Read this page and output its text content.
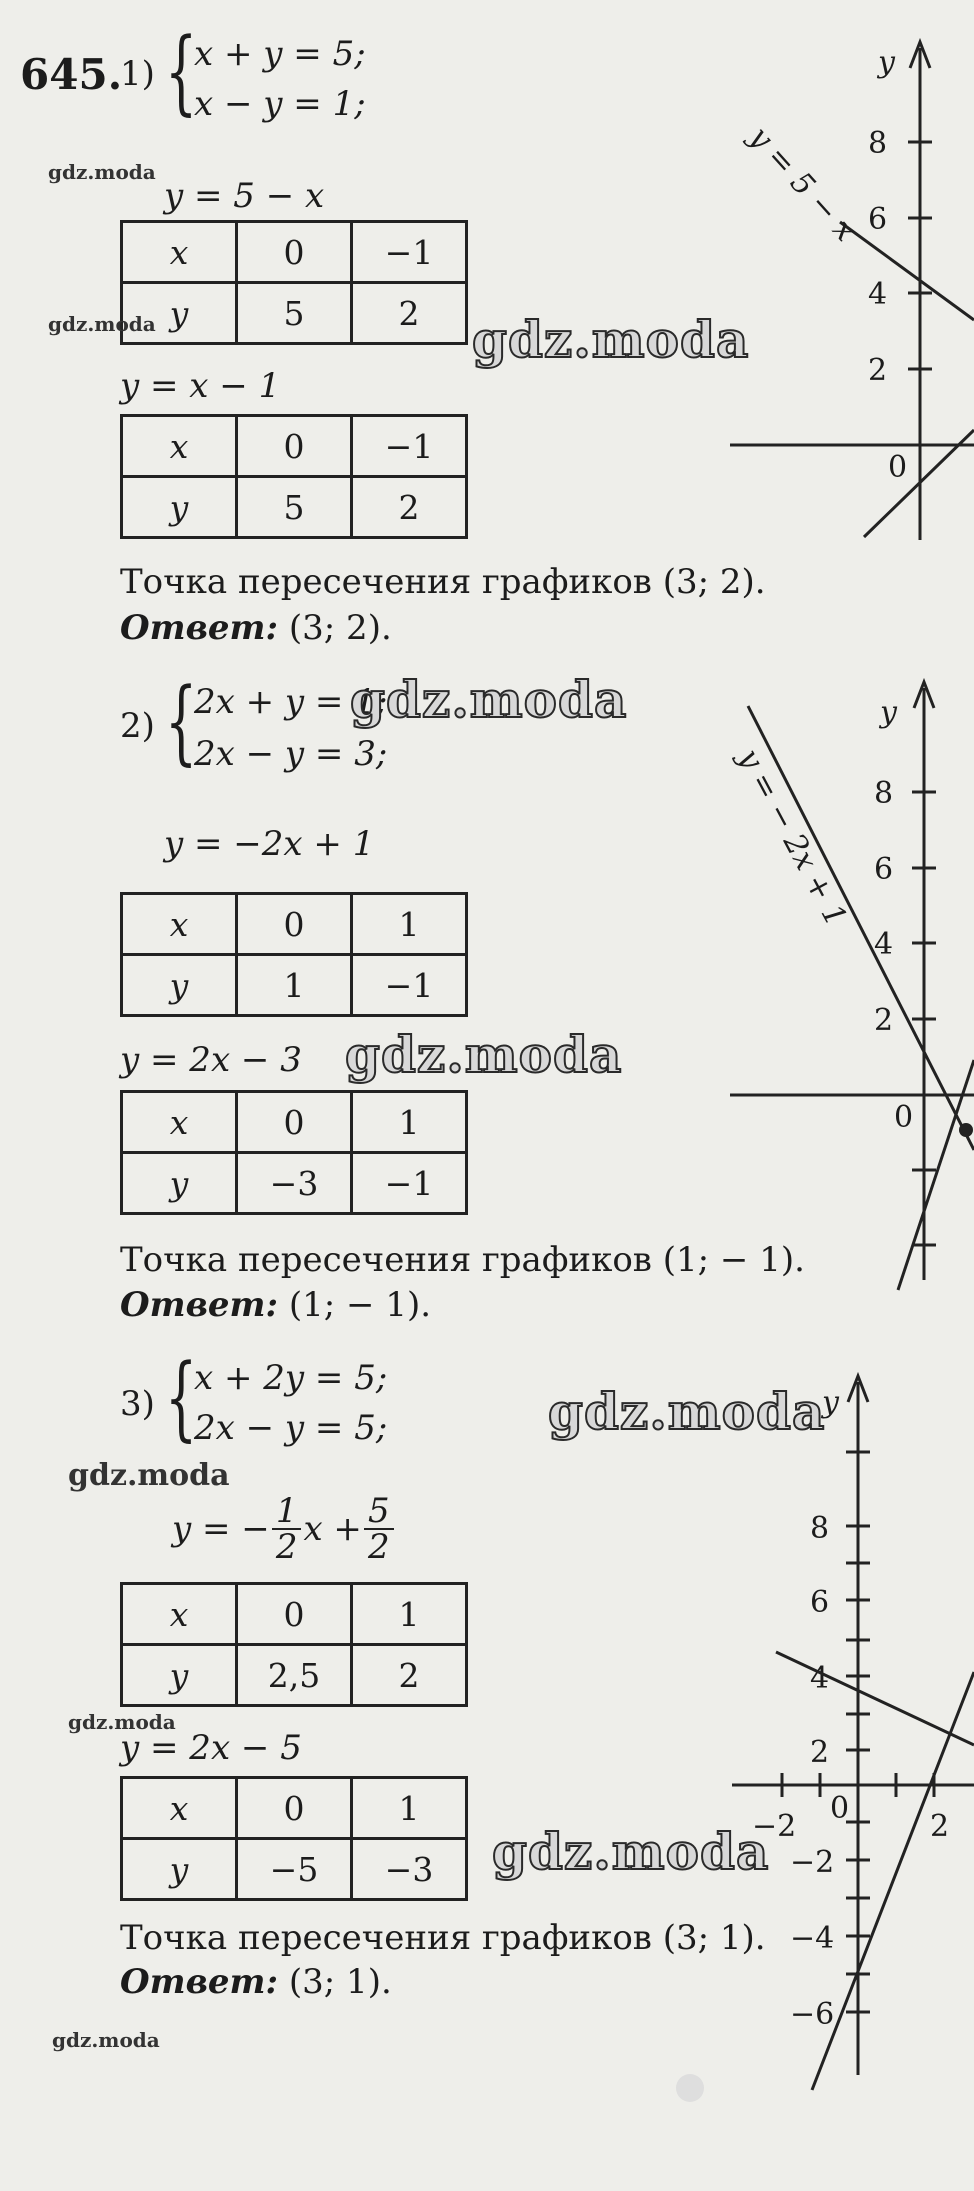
645.
1) {
x + y = 5;
x − y = 1;
gdz.moda
y = 5 − x
x	0	−1
y	5	2
gdz.moda	gdz.moda
y = x − 1
x	0	−1
y	5	2
Точка пересечения графиков (3; 2).
Ответ: (3; 2).
y
8
6
4
2
0
y = 5 − x
2) {
2x + y = 1;
2x − y = 3;
gdz.moda
y = −2x + 1
x	0	1
y	1	−1
y = 2x − 3 gdz.moda
x	0	1
y	−3	−1
Точка пересечения графиков (1; − 1).
Ответ: (1; − 1).
y
8
6
4
2
0
y = − 2x + 1
3) {
x + 2y = 5;
2x − y = 5;	gdz.moda
gdz.moda
y = − $\frac{1}{2}$ $x + \frac{5}{2}$
x	0	1
y	2,5	2
gdz.moda
y = 2x − 5
x	0	1
y	−5	−3 gdz.moda
Точка пересечения графиков (3; 1).
Ответ: (3; 1).
gdz.moda
y
8
6
4
2
−2
−4
−6
−2
0
2
